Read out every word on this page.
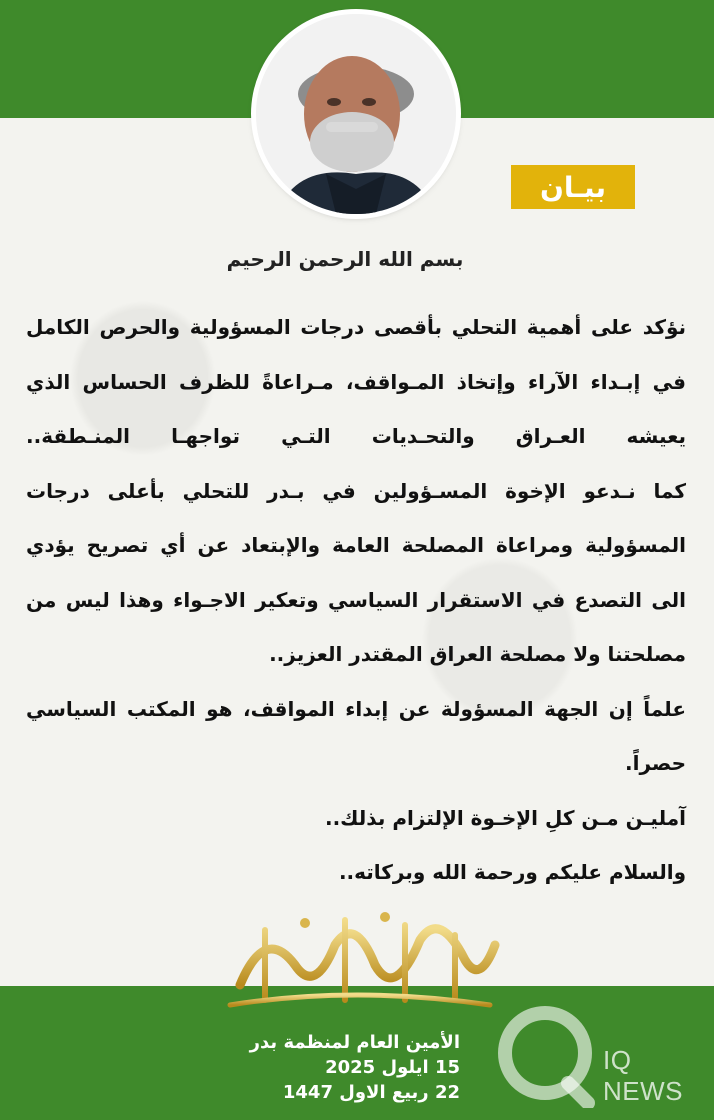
بيـان
بسم الله الرحمن الرحيم
نؤكد على أهمية التحلي بأقصى درجات المسؤولية والحرص الكامل
في إبـداء الآراء وإتخاذ المـواقف، مـراعاةً للظرف الحساس الذي
يعيشه العـراق والتحـديات التـي تواجهـا المنـطقة..
كما نـدعو الإخوة المسـؤولين في بـدر للتحلي بأعلى درجات
المسؤولية ومراعاة المصلحة العامة والإبتعاد عن أي تصريح يؤدي
الى التصدع في الاستقرار السياسي وتعكير الاجـواء وهذا ليس من
مصلحتنا ولا مصلحة العراق المقتدر العزيز..
علماً إن الجهة المسؤولة عن إبداء المواقف، هو المكتب السياسي
حصراً.
آمليـن مـن كلِ الإخـوة الإلتزام بذلك..
والسلام عليكم ورحمة الله وبركاته..
الأمين العام لمنظمة بدر
15 ايلول 2025
22 ربيع الاول 1447
IQ NEWS
